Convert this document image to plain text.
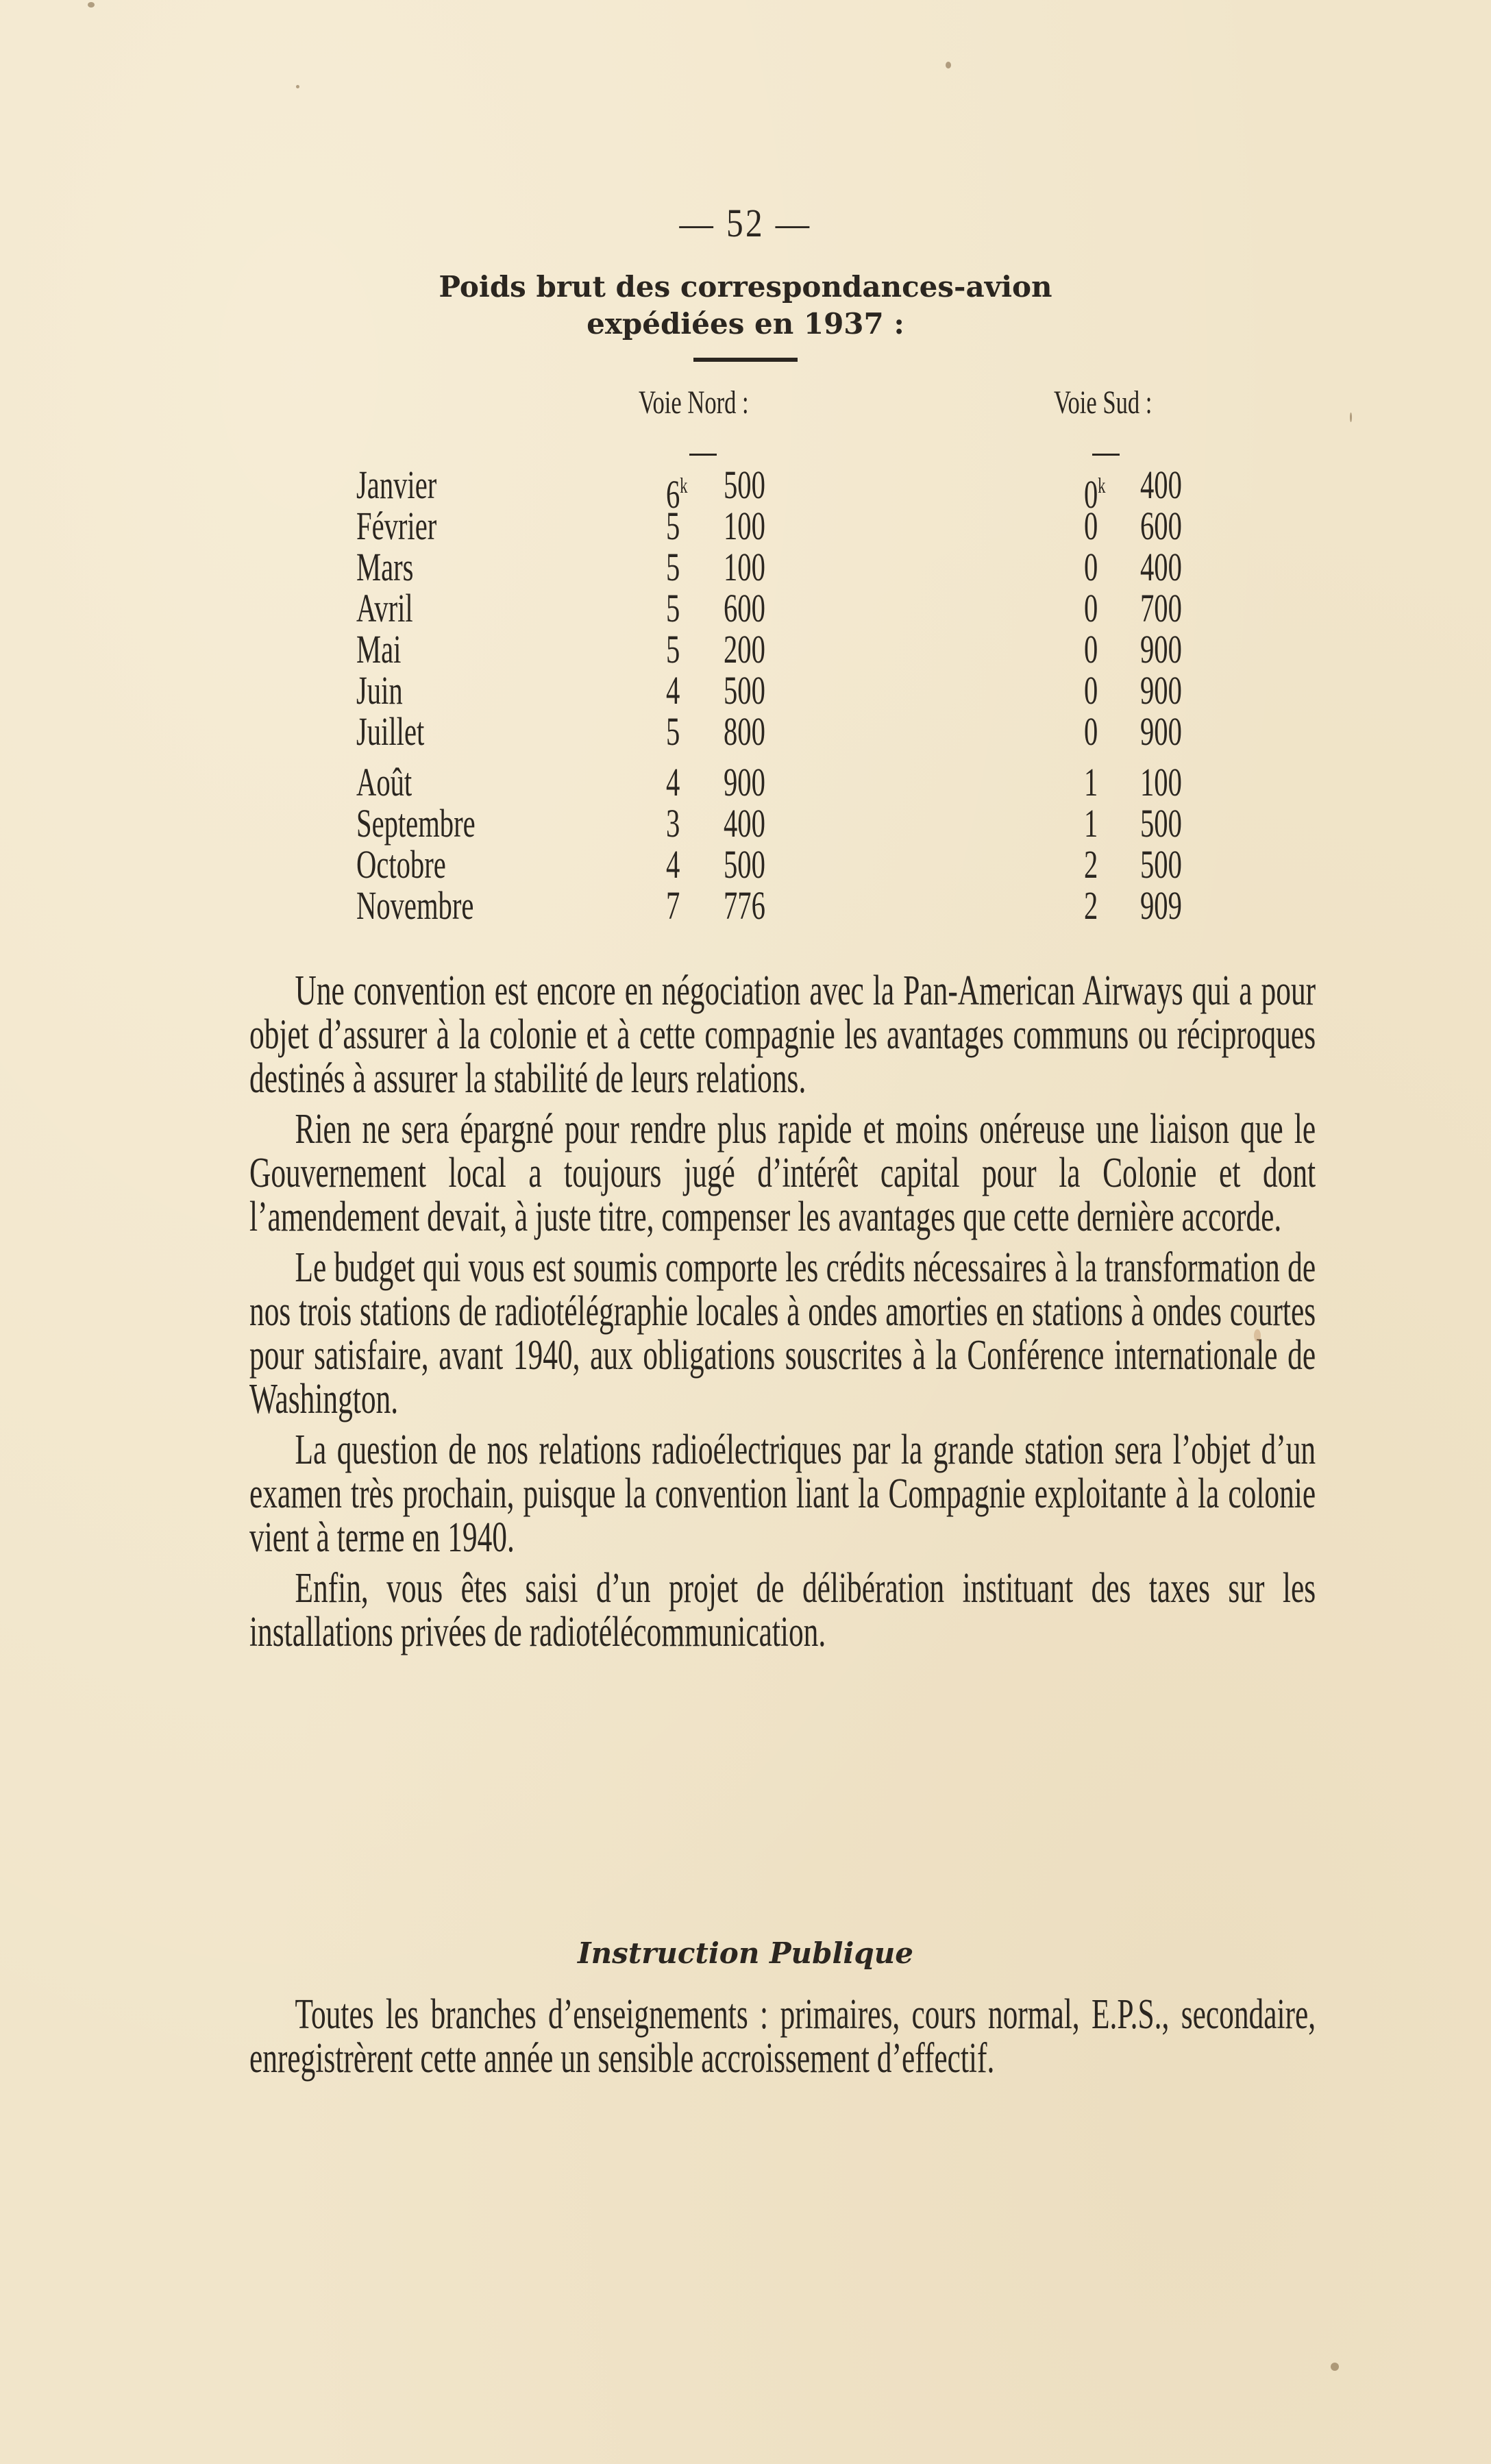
— 52 —
Poids brut des correspondances-avion
expédiées en 1937 :
Voie Nord :	Voie Sud :
Janvier	6$^k$ 500	0$^k$ 400
Février	5 100	0 600
Mars	5 100	0 400
Avril	5 600	0 700
Mai	5 200	0 900
Juin	4 500	0 900
Juillet	5 800	0 900
Août	4 900	1 100
Septembre	3 400	1 500
Octobre	4 500	2 500
Novembre	7 776	2 909

Une convention est encore en négociation avec la Pan-American Airways qui a pour objet d’assurer à la colonie et à cette compagnie les avantages communs ou réciproques destinés à assurer la stabilité de leurs relations.

Rien ne sera épargné pour rendre plus rapide et moins onéreuse une liaison que le Gouvernement local a toujours jugé d’intérêt capital pour la Colonie et dont l’amendement devait, à juste titre, compenser les avantages que cette dernière accorde.

Le budget qui vous est soumis comporte les crédits nécessaires à la transformation de nos trois stations de radiotélégraphie locales à ondes amorties en stations à ondes courtes pour satisfaire, avant 1940, aux obligations souscrites à la Conférence internationale de Washington.

La question de nos relations radioélectriques par la grande station sera l’objet d’un examen très prochain, puisque la convention liant la Compagnie exploitante à la colonie vient à terme en 1940.

Enfin, vous êtes saisi d’un projet de délibération instituant des taxes sur les installations privées de radiotélécommunication.

Instruction Publique

Toutes les branches d’enseignements : primaires, cours normal, E.P.S., secondaire, enregistrèrent cette année un sensible accroissement d’effectif.
